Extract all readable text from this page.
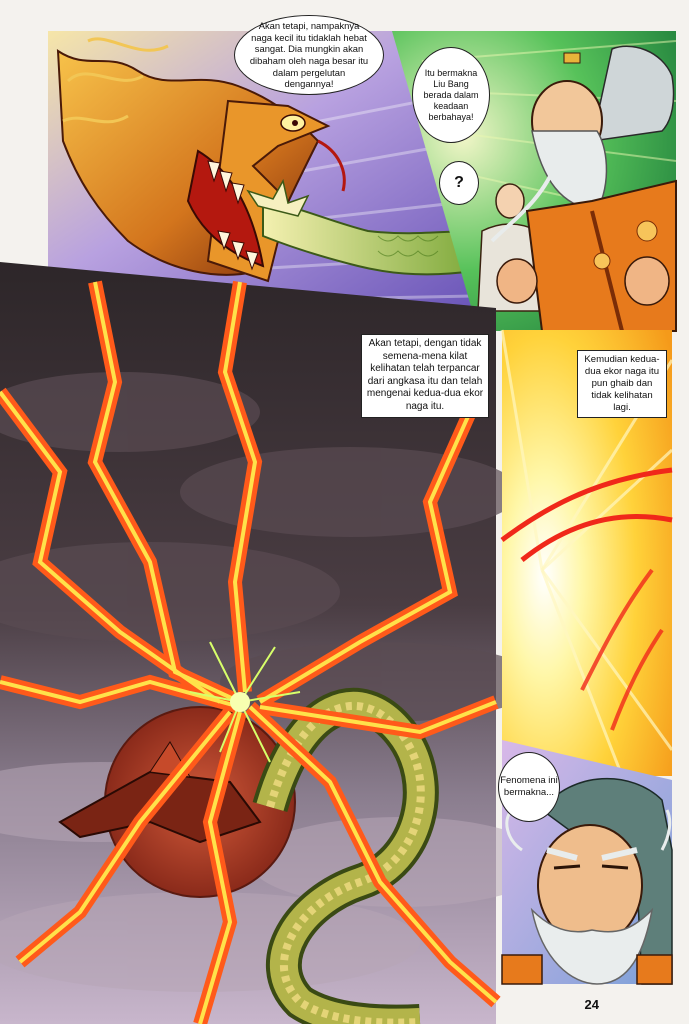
Akan tetapi, nampaknya naga kecil itu tidaklah hebat sangat. Dia mungkin akan dibaham oleh naga besar itu dalam pergelutan dengannya!
Itu bermakna Liu Bang berada dalam keadaan berbahaya!
?
Akan tetapi, dengan tidak semena-mena kilat kelihatan telah terpancar dari angkasa itu dan telah mengenai kedua-dua ekor naga itu.
Kemudian kedua-dua ekor naga itu pun ghaib dan tidak kelihatan lagi.
Fenomena ini bermakna...
24
